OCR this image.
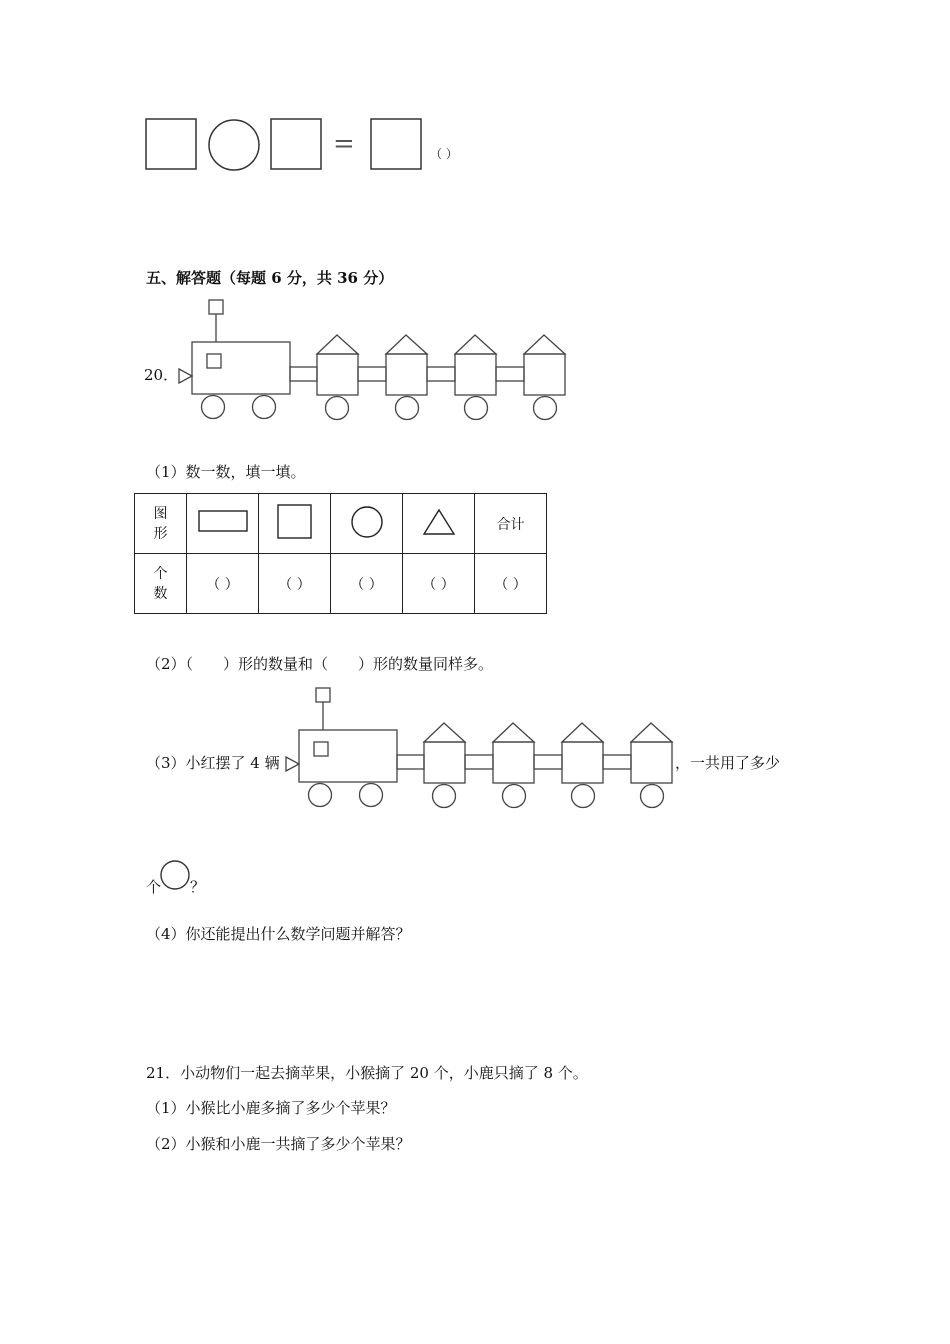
=	（ ）
五、解答题（每题 6 分，共 36 分）
20．
（1）数一数，填一填。
图
形					合计

个
数	（ ）	（ ）	（ ）	（ ）	（ ）
（2）（　　）形的数量和（　　）形的数量同样多。
（3）小红摆了 4 辆	，一共用了多少
个 ？
（4）你还能提出什么数学问题并解答？
21．小动物们一起去摘苹果，小猴摘了 20 个，小鹿只摘了 8 个。
（1）小猴比小鹿多摘了多少个苹果？
（2）小猴和小鹿一共摘了多少个苹果？
